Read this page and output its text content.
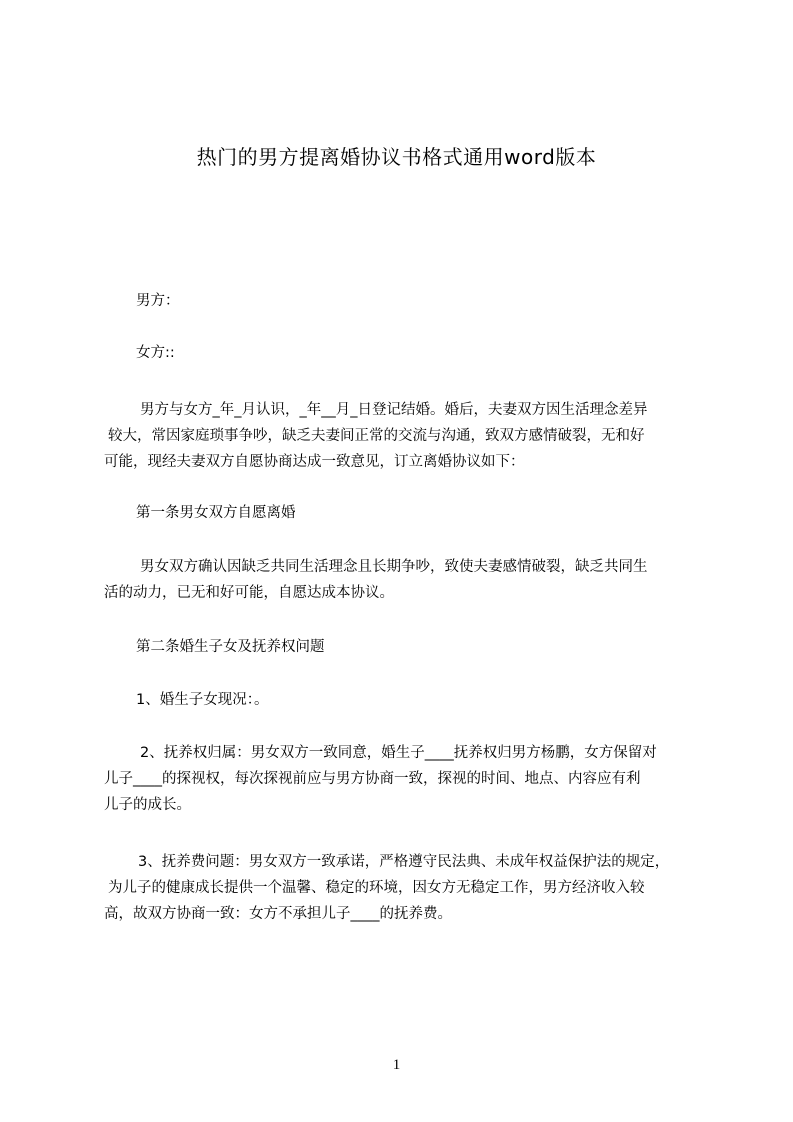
热门的男方提离婚协议书格式通用word版本
男方：
女方::
男方与女方_年_月认识，_年__月_日登记结婚。婚后，夫妻双方因生活理念差异
较大，常因家庭琐事争吵，缺乏夫妻间正常的交流与沟通，致双方感情破裂，无和好
可能，现经夫妻双方自愿协商达成一致意见，订立离婚协议如下：
第一条男女双方自愿离婚
男女双方确认因缺乏共同生活理念且长期争吵，致使夫妻感情破裂，缺乏共同生
活的动力，已无和好可能，自愿达成本协议。
第二条婚生子女及抚养权问题
1、婚生子女现况：。
2、抚养权归属：男女双方一致同意，婚生子____抚养权归男方杨鹏，女方保留对
儿子____的探视权，每次探视前应与男方协商一致，探视的时间、地点、内容应有利
儿子的成长。
3、抚养费问题：男女双方一致承诺，严格遵守民法典、未成年权益保护法的规定，
为儿子的健康成长提供一个温馨、稳定的环境，因女方无稳定工作，男方经济收入较
高，故双方协商一致：女方不承担儿子____的抚养费。
1
